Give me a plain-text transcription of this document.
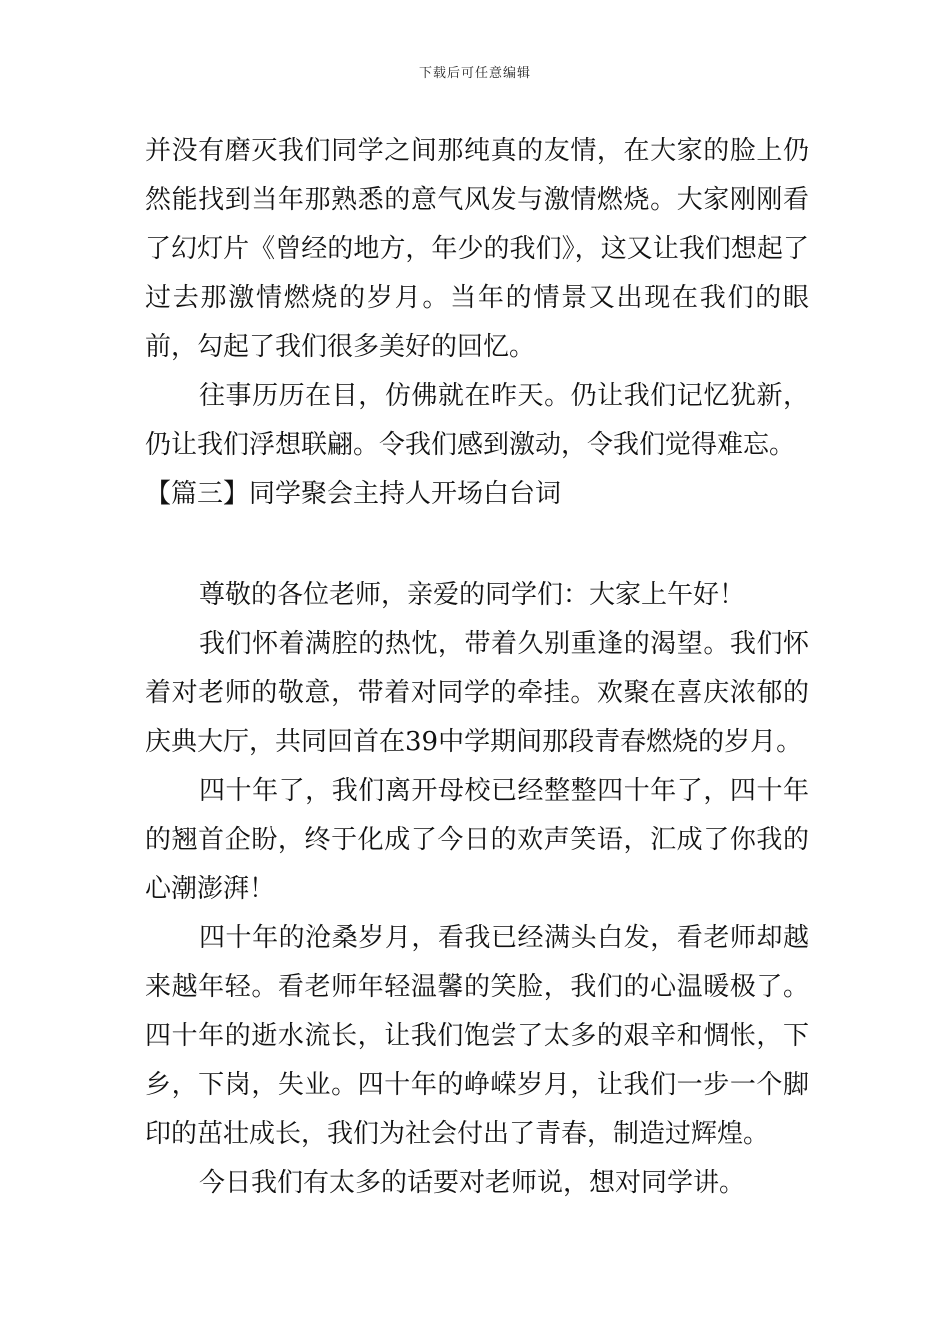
下载后可任意编辑

并没有磨灭我们同学之间那纯真的友情，在大家的脸上仍然能找到当年那熟悉的意气风发与激情燃烧。大家刚刚看了幻灯片《曾经的地方，年少的我们》，这又让我们想起了过去那激情燃烧的岁月。当年的情景又出现在我们的眼前，勾起了我们很多美好的回忆。

往事历历在目，仿佛就在昨天。仍让我们记忆犹新，仍让我们浮想联翩。令我们感到激动，令我们觉得难忘。

【篇三】同学聚会主持人开场白台词

尊敬的各位老师，亲爱的同学们：大家上午好！

我们怀着满腔的热忱，带着久别重逢的渴望。我们怀着对老师的敬意，带着对同学的牵挂。欢聚在喜庆浓郁的庆典大厅，共同回首在39中学期间那段青春燃烧的岁月。

四十年了，我们离开母校已经整整四十年了，四十年的翘首企盼，终于化成了今日的欢声笑语，汇成了你我的心潮澎湃！

四十年的沧桑岁月，看我已经满头白发，看老师却越来越年轻。看老师年轻温馨的笑脸，我们的心温暖极了。四十年的逝水流长，让我们饱尝了太多的艰辛和惆怅，下乡，下岗，失业。四十年的峥嵘岁月，让我们一步一个脚印的茁壮成长，我们为社会付出了青春，制造过辉煌。

今日我们有太多的话要对老师说，想对同学讲。
